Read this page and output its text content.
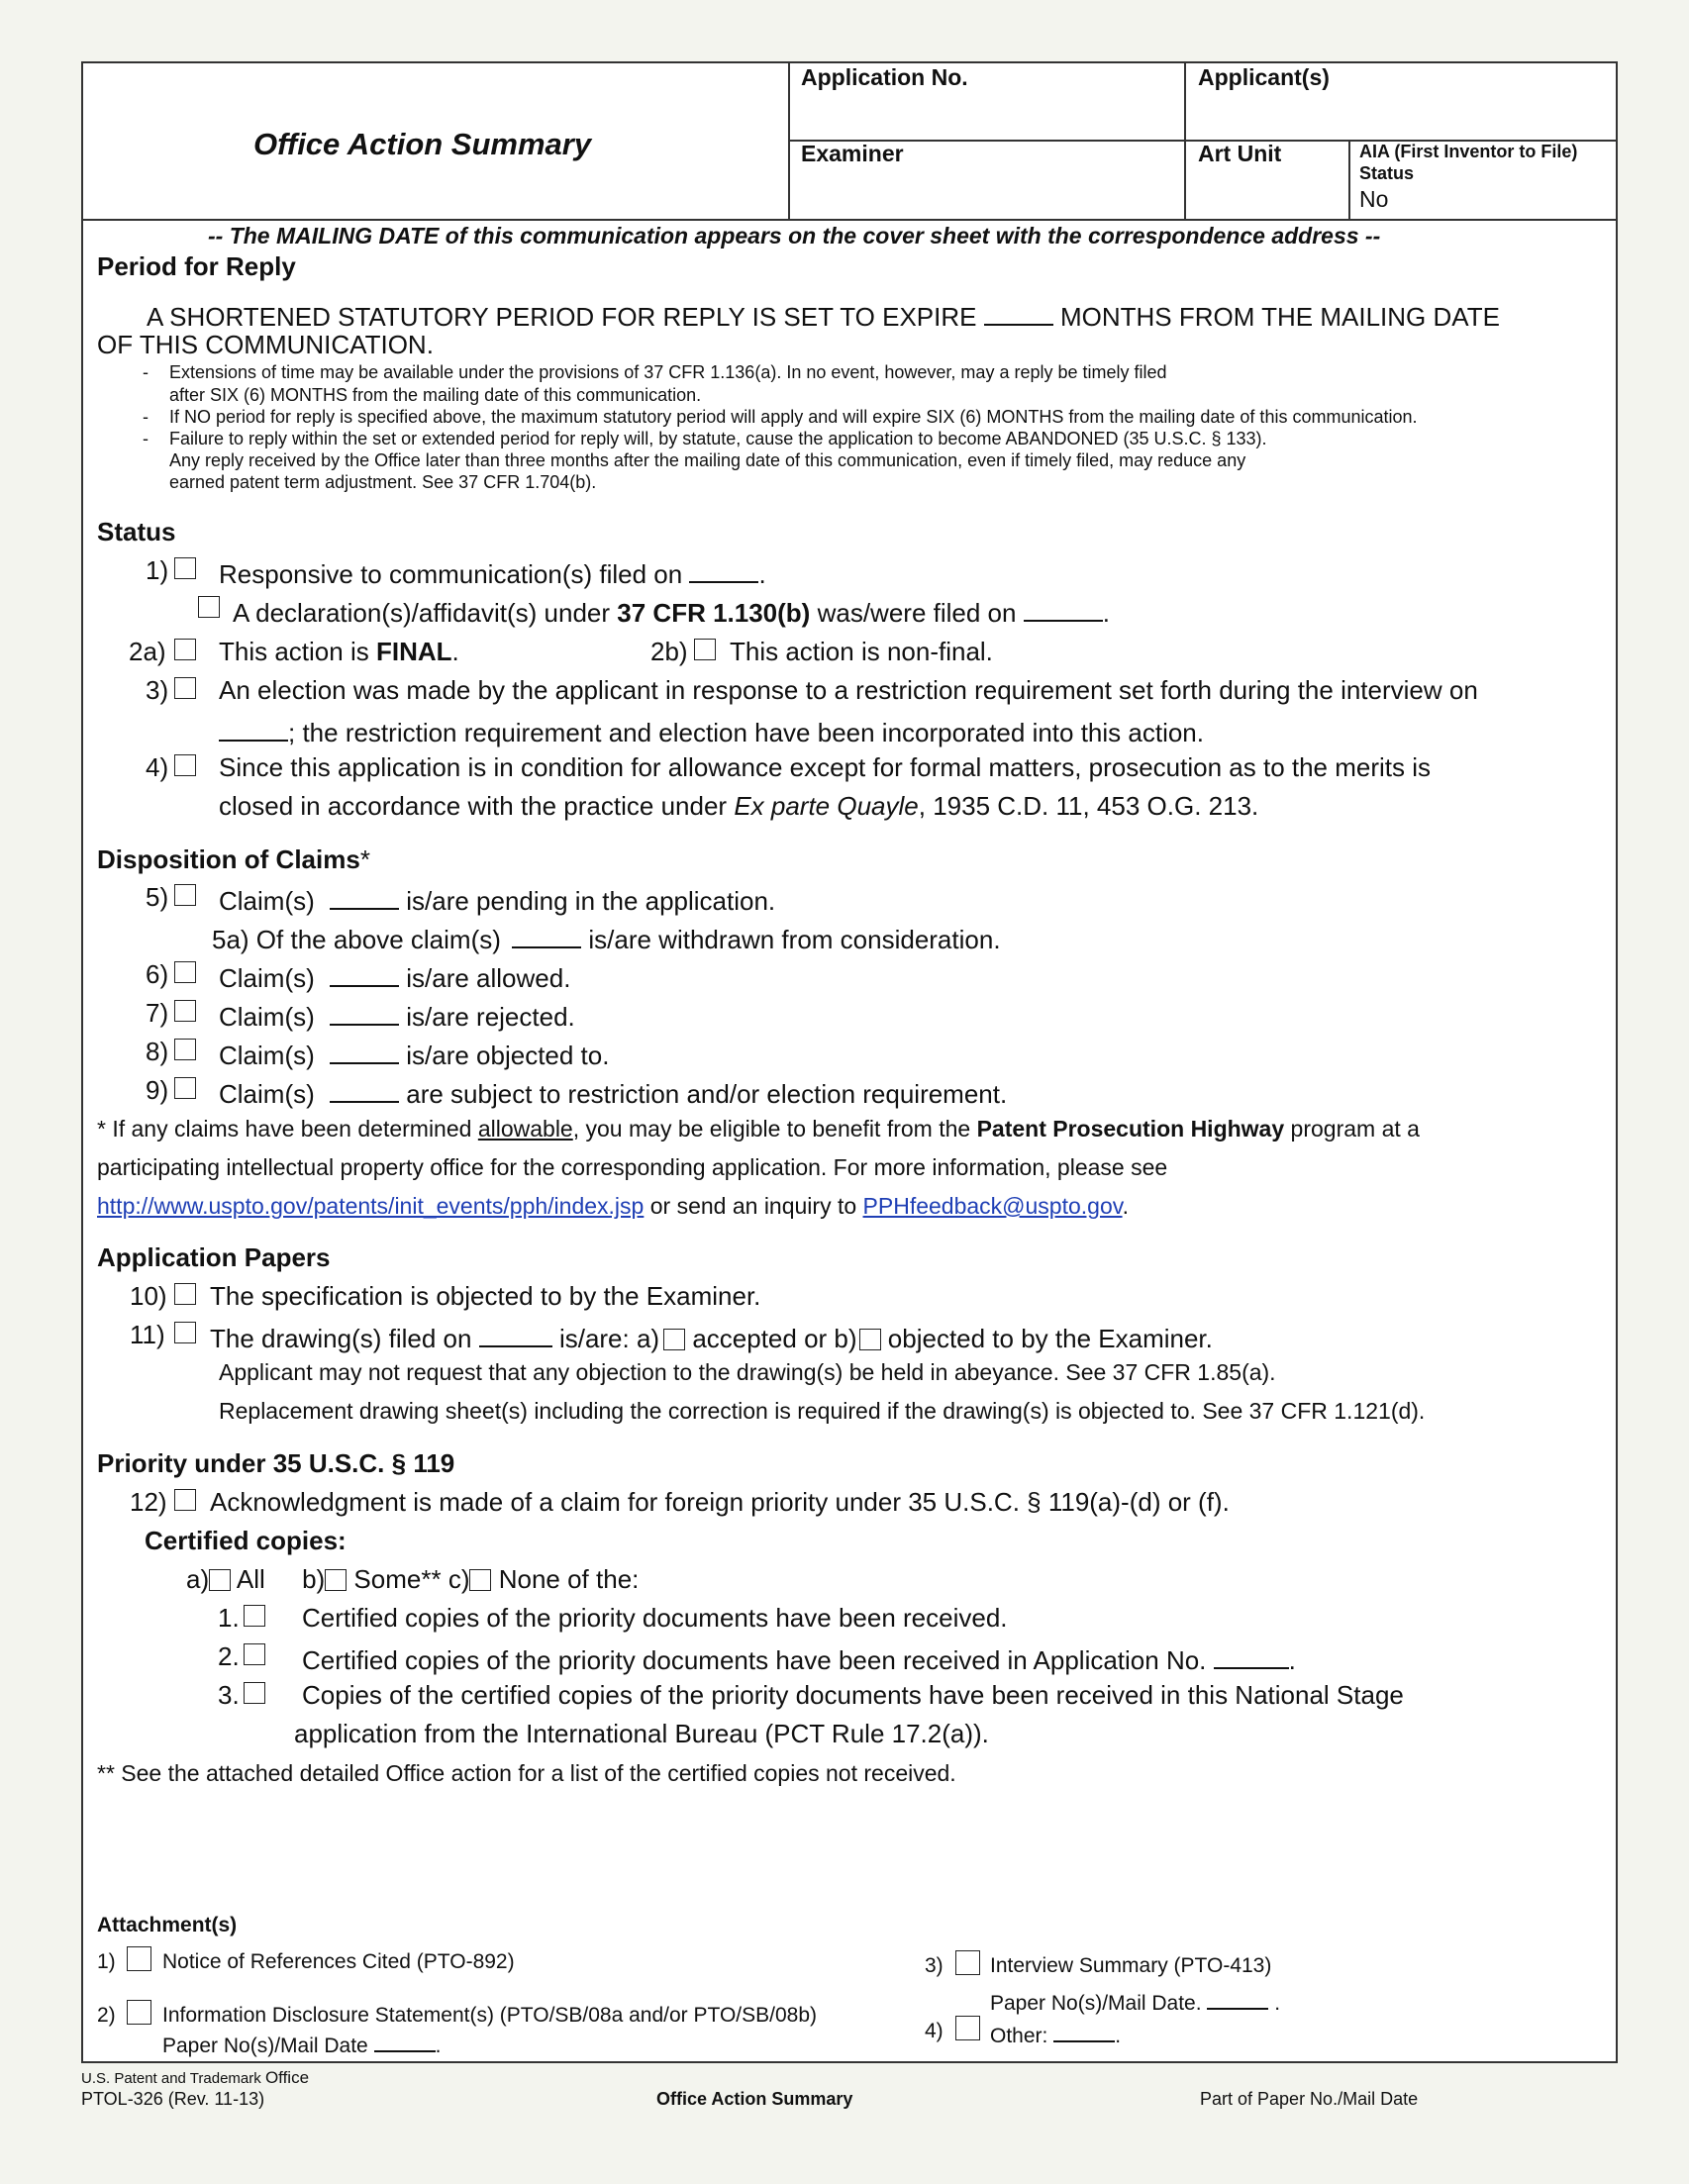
Office Action Summary
Application No.	Applicant(s)
Examiner	Art Unit	AIA (First Inventor to File)
Status
No
-- The MAILING DATE of this communication appears on the cover sheet with the correspondence address --
Period for Reply
A SHORTENED STATUTORY PERIOD FOR REPLY IS SET TO EXPIRE	MONTHS FROM THE MAILING DATE
OF THIS COMMUNICATION.
- Extensions of time may be available under the provisions of 37 CFR 1.136(a). In no event, however, may a reply be timely filed
after SIX (6) MONTHS from the mailing date of this communication.
- If NO period for reply is specified above, the maximum statutory period will apply and will expire SIX (6) MONTHS from the mailing date of this communication.
- Failure to reply within the set or extended period for reply will, by statute, cause the application to become ABANDONED (35 U.S.C. § 133).
Any reply received by the Office later than three months after the mailing date of this communication, even if timely filed, may reduce any
earned patent term adjustment. See 37 CFR 1.704(b).
Status
1) Responsive to communication(s) filed on	.
A declaration(s)/affidavit(s) under 37 CFR 1.130(b) was/were filed on	.
2a) This action is FINAL.	2b) This action is non-final.
3) An election was made by the applicant in response to a restriction requirement set forth during the interview on
; the restriction requirement and election have been incorporated into this action.
4) Since this application is in condition for allowance except for formal matters, prosecution as to the merits is
closed in accordance with the practice under Ex parte Quayle, 1935 C.D. 11, 453 O.G. 213.
Disposition of Claims*
5) Claim(s)	is/are pending in the application.
5a) Of the above claim(s)	is/are withdrawn from consideration.
6) Claim(s)	is/are allowed.
7) Claim(s)	is/are rejected.
8) Claim(s)	is/are objected to.
9) Claim(s)	are subject to restriction and/or election requirement.
* If any claims have been determined allowable, you may be eligible to benefit from the Patent Prosecution Highway program at a
participating intellectual property office for the corresponding application. For more information, please see
http://www.uspto.gov/patents/init_events/pph/index.jsp or send an inquiry to PPHfeedback@uspto.gov.
Application Papers
10) The specification is objected to by the Examiner.
11) The drawing(s) filed on	is/are: a) accepted or b) objected to by the Examiner.
Applicant may not request that any objection to the drawing(s) be held in abeyance. See 37 CFR 1.85(a).
Replacement drawing sheet(s) including the correction is required if the drawing(s) is objected to. See 37 CFR 1.121(d).
Priority under 35 U.S.C. § 119
12) Acknowledgment is made of a claim for foreign priority under 35 U.S.C. § 119(a)-(d) or (f).
Certified copies:
a) All b) Some** c) None of the:
1. Certified copies of the priority documents have been received.
2. Certified copies of the priority documents have been received in Application No.	.
3. Copies of the certified copies of the priority documents have been received in this National Stage
application from the International Bureau (PCT Rule 17.2(a)).
** See the attached detailed Office action for a list of the certified copies not received.
Attachment(s)
1) Notice of References Cited (PTO-892)
2) Information Disclosure Statement(s) (PTO/SB/08a and/or PTO/SB/08b)
Paper No(s)/Mail Date	.
3) Interview Summary (PTO-413)
Paper No(s)/Mail Date.	.
4) Other:	.
U.S. Patent and Trademark Office
PTOL-326 (Rev. 11-13)	Office Action Summary	Part of Paper No./Mail Date
